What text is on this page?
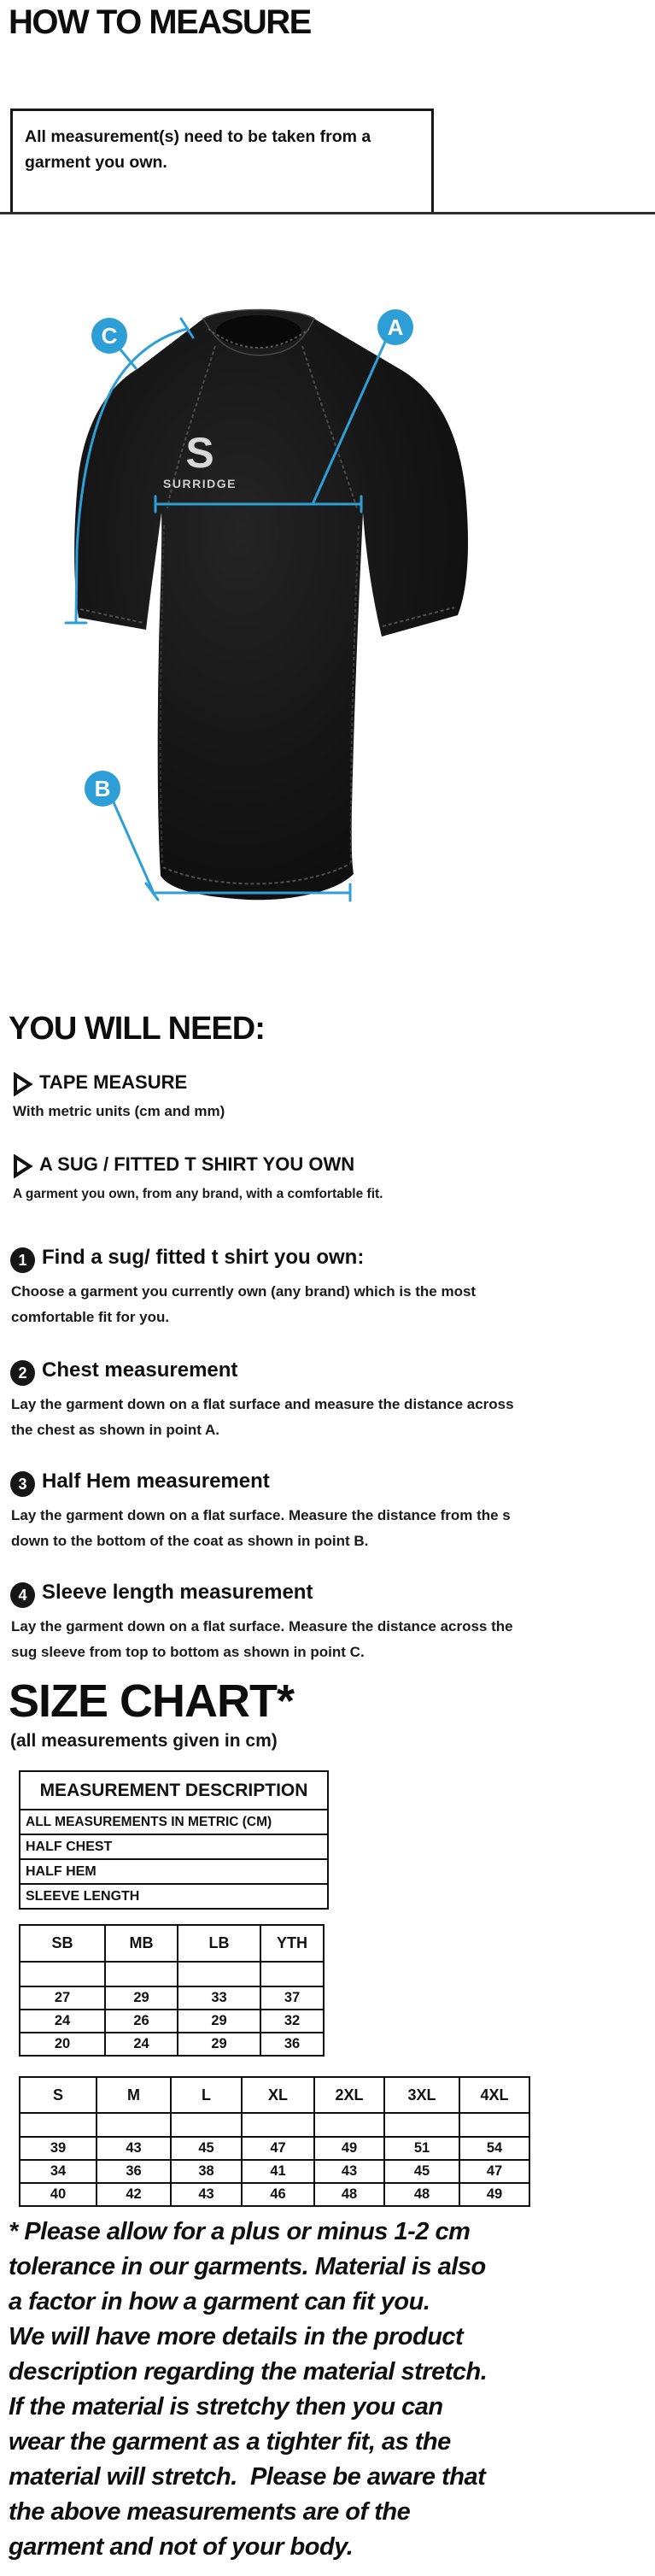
HOW TO MEASURE
All measurement(s) need to be taken from a garment you own.
S
SURRIDGE
A
B
C
YOU WILL NEED:
TAPE MEASURE
With metric units (cm and mm)
A SUG / FITTED T SHIRT YOU OWN
A garment you own, from any brand, with a comfortable fit.
1 Find a sug/ fitted t shirt you own:
Choose a garment you currently own (any brand) which is the most
comfortable fit for you.
2 Chest measurement
Lay the garment down on a flat surface and measure the distance across
the chest as shown in point A.
3 Half Hem measurement
Lay the garment down on a flat surface. Measure the distance from the s
down to the bottom of the coat as shown in point B.
4 Sleeve length measurement
Lay the garment down on a flat surface. Measure the distance across the
sug sleeve from top to bottom as shown in point C.
SIZE CHART*
(all measurements given in cm)
MEASUREMENT DESCRIPTION
ALL MEASUREMENTS IN METRIC (CM)
HALF CHEST
HALF HEM
SLEEVE LENGTH
SB	MB	LB	YTH

27	29	33	37
24	26	29	32
20	24	29	36
S	M	L	XL	2XL	3XL	4XL

39	43	45	47	49	51	54
34	36	38	41	43	45	47
40	42	43	46	48	48	49
* Please allow for a plus or minus 1-2 cm
tolerance in our garments. Material is also
a factor in how a garment can fit you.
We will have more details in the product
description regarding the material stretch.
If the material is stretchy then you can
wear the garment as a tighter fit, as the
material will stretch.  Please be aware that
the above measurements are of the
garment and not of your body.
